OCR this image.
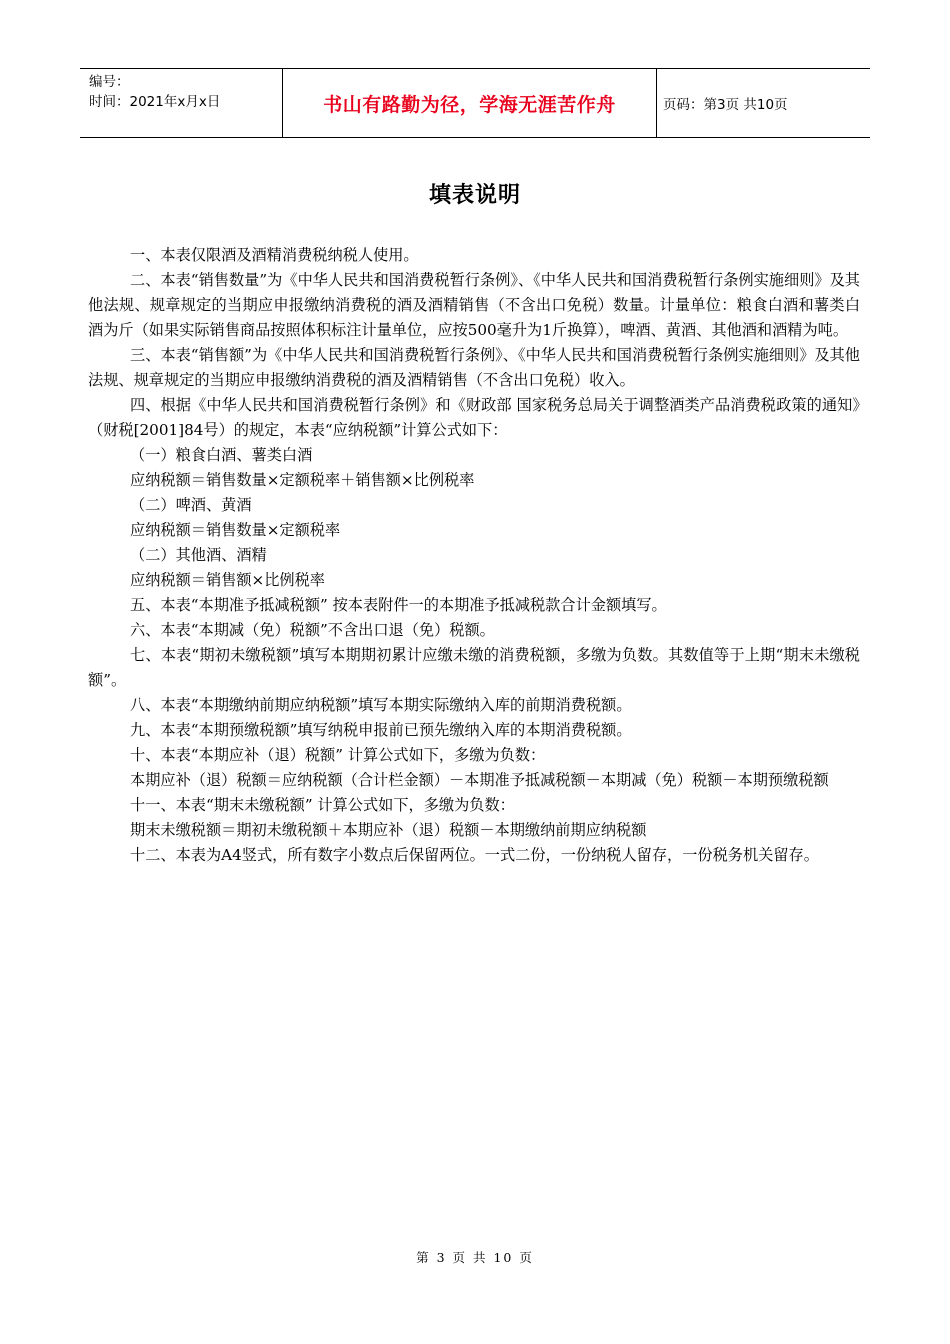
编号：
时间：2021年x月x日	书山有路勤为径，学海无涯苦作舟	页码：第3页 共10页
填表说明

一、本表仅限酒及酒精消费税纳税人使用。

二、本表“销售数量”为《中华人民共和国消费税暂行条例》、《中华人民共和国消费税暂行条例实施细则》及其他法规、规章规定的当期应申报缴纳消费税的酒及酒精销售（不含出口免税）数量。计量单位：粮食白酒和薯类白酒为斤（如果实际销售商品按照体积标注计量单位，应按500毫升为1斤换算），啤酒、黄酒、其他酒和酒精为吨。

三、本表“销售额”为《中华人民共和国消费税暂行条例》、《中华人民共和国消费税暂行条例实施细则》及其他法规、规章规定的当期应申报缴纳消费税的酒及酒精销售（不含出口免税）收入。

四、根据《中华人民共和国消费税暂行条例》和《财政部 国家税务总局关于调整酒类产品消费税政策的通知》（财税[2001]84号）的规定，本表“应纳税额”计算公式如下：

（一）粮食白酒、薯类白酒

应纳税额＝销售数量×定额税率＋销售额×比例税率

（二）啤酒、黄酒

应纳税额＝销售数量×定额税率

（二）其他酒、酒精

应纳税额＝销售额×比例税率

五、本表“本期准予抵减税额” 按本表附件一的本期准予抵减税款合计金额填写。

六、本表“本期减（免）税额”不含出口退（免）税额。

七、本表“期初未缴税额”填写本期期初累计应缴未缴的消费税额，多缴为负数。其数值等于上期“期末未缴税额”。

八、本表“本期缴纳前期应纳税额”填写本期实际缴纳入库的前期消费税额。

九、本表“本期预缴税额”填写纳税申报前已预先缴纳入库的本期消费税额。

十、本表“本期应补（退）税额” 计算公式如下，多缴为负数：

本期应补（退）税额＝应纳税额（合计栏金额）－本期准予抵减税额－本期减（免）税额－本期预缴税额

十一、本表“期末未缴税额” 计算公式如下，多缴为负数：

期末未缴税额＝期初未缴税额＋本期应补（退）税额－本期缴纳前期应纳税额

十二、本表为A4竖式，所有数字小数点后保留两位。一式二份，一份纳税人留存，一份税务机关留存。

第 3 页 共 10 页
